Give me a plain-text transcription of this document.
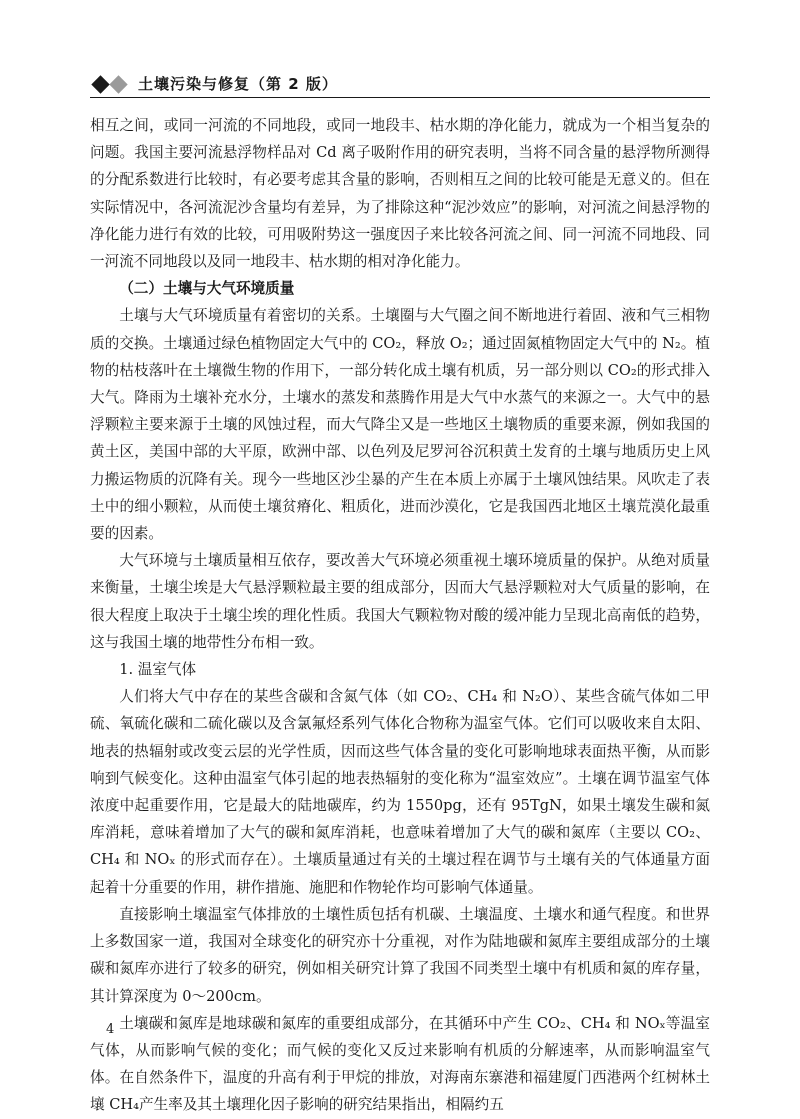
土壤污染与修复（第 2 版）

相互之间，或同一河流的不同地段，或同一地段丰、枯水期的净化能力，就成为一个相当复杂的问题。我国主要河流悬浮物样品对 Cd 离子吸附作用的研究表明，当将不同含量的悬浮物所测得的分配系数进行比较时，有必要考虑其含量的影响，否则相互之间的比较可能是无意义的。但在实际情况中，各河流泥沙含量均有差异，为了排除这种“泥沙效应”的影响，对河流之间悬浮物的净化能力进行有效的比较，可用吸附势这一强度因子来比较各河流之间、同一河流不同地段、同一河流不同地段以及同一地段丰、枯水期的相对净化能力。

（二）土壤与大气环境质量

土壤与大气环境质量有着密切的关系。土壤圈与大气圈之间不断地进行着固、液和气三相物质的交换。土壤通过绿色植物固定大气中的 CO₂，释放 O₂；通过固氮植物固定大气中的 N₂。植物的枯枝落叶在土壤微生物的作用下，一部分转化成土壤有机质，另一部分则以 CO₂的形式排入大气。降雨为土壤补充水分，土壤水的蒸发和蒸腾作用是大气中水蒸气的来源之一。大气中的悬浮颗粒主要来源于土壤的风蚀过程，而大气降尘又是一些地区土壤物质的重要来源，例如我国的黄土区，美国中部的大平原，欧洲中部、以色列及尼罗河谷沉积黄土发育的土壤与地质历史上风力搬运物质的沉降有关。现今一些地区沙尘暴的产生在本质上亦属于土壤风蚀结果。风吹走了表土中的细小颗粒，从而使土壤贫瘠化、粗质化，进而沙漠化，它是我国西北地区土壤荒漠化最重要的因素。

大气环境与土壤质量相互依存，要改善大气环境必须重视土壤环境质量的保护。从绝对质量来衡量，土壤尘埃是大气悬浮颗粒最主要的组成部分，因而大气悬浮颗粒对大气质量的影响，在很大程度上取决于土壤尘埃的理化性质。我国大气颗粒物对酸的缓冲能力呈现北高南低的趋势，这与我国土壤的地带性分布相一致。

1. 温室气体

人们将大气中存在的某些含碳和含氮气体（如 CO₂、CH₄ 和 N₂O）、某些含硫气体如二甲硫、氧硫化碳和二硫化碳以及含氯氟烃系列气体化合物称为温室气体。它们可以吸收来自太阳、地表的热辐射或改变云层的光学性质，因而这些气体含量的变化可影响地球表面热平衡，从而影响到气候变化。这种由温室气体引起的地表热辐射的变化称为“温室效应”。土壤在调节温室气体浓度中起重要作用，它是最大的陆地碳库，约为 1550pg，还有 95TgN，如果土壤发生碳和氮库消耗，意味着增加了大气的碳和氮库消耗，也意味着增加了大气的碳和氮库（主要以 CO₂、CH₄ 和 NOₓ 的形式而存在）。土壤质量通过有关的土壤过程在调节与土壤有关的气体通量方面起着十分重要的作用，耕作措施、施肥和作物轮作均可影响气体通量。

直接影响土壤温室气体排放的土壤性质包括有机碳、土壤温度、土壤水和通气程度。和世界上多数国家一道，我国对全球变化的研究亦十分重视，对作为陆地碳和氮库主要组成部分的土壤碳和氮库亦进行了较多的研究，例如相关研究计算了我国不同类型土壤中有机质和氮的库存量，其计算深度为 0～200cm。

土壤碳和氮库是地球碳和氮库的重要组成部分，在其循环中产生 CO₂、CH₄ 和 NOₓ等温室气体，从而影响气候的变化；而气候的变化又反过来影响有机质的分解速率，从而影响温室气体。在自然条件下，温度的升高有利于甲烷的排放，对海南东寨港和福建厦门西港两个红树林土壤 CH₄产生率及其土壤理化因子影响的研究结果指出，相隔约五

4
